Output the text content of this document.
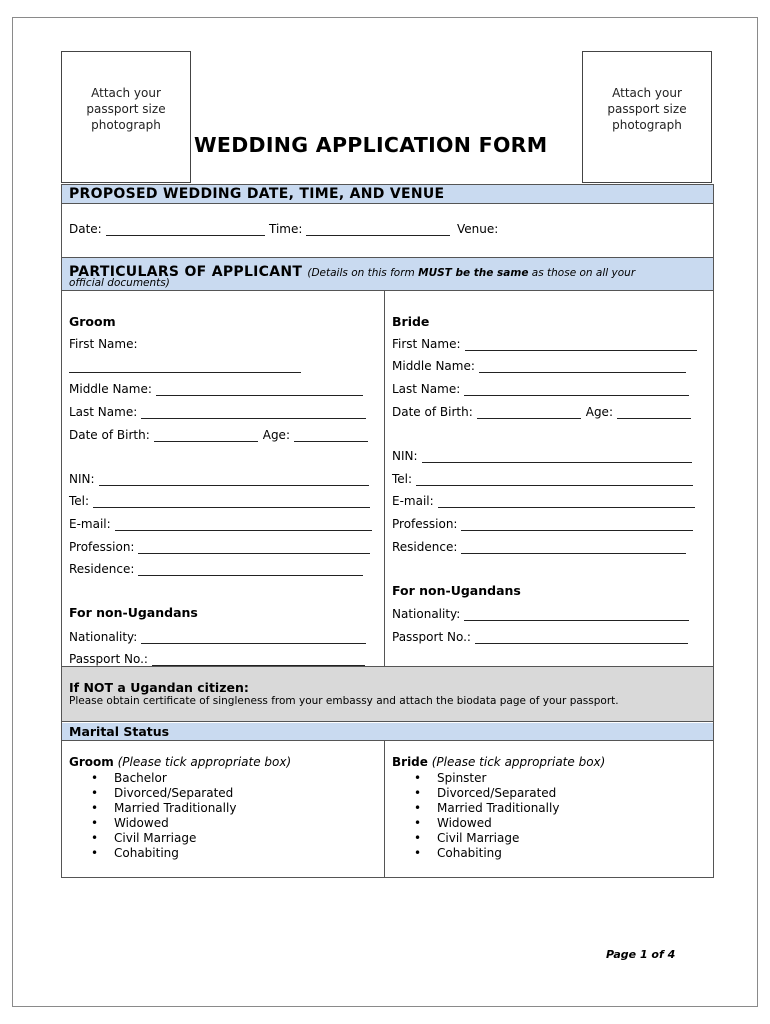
Attach your
passport size
photograph
Attach your
passport size
photograph
WEDDING APPLICATION FORM
PROPOSED WEDDING DATE, TIME, AND VENUE
Date:	Time:	Venue:
PARTICULARS OF APPLICANT (Details on this form MUST be the same as those on all your
official documents)
Groom
First Name:
Middle Name:
Last Name:
Date of Birth:	Age:
NIN:
Tel:
E-mail:
Profession:
Residence:
For non-Ugandans
Nationality:
Passport No.:
Bride
First Name:
Middle Name:
Last Name:
Date of Birth:	Age:
NIN:
Tel:
E-mail:
Profession:
Residence:
For non-Ugandans
Nationality:
Passport No.:
If NOT a Ugandan citizen:
Please obtain certificate of singleness from your embassy and attach the biodata page of your passport.
Marital Status
Groom (Please tick appropriate box)
• Bachelor
• Divorced/Separated
• Married Traditionally
• Widowed
• Civil Marriage
• Cohabiting
Bride (Please tick appropriate box)
• Spinster
• Divorced/Separated
• Married Traditionally
• Widowed
• Civil Marriage
• Cohabiting
Page 1 of 4
